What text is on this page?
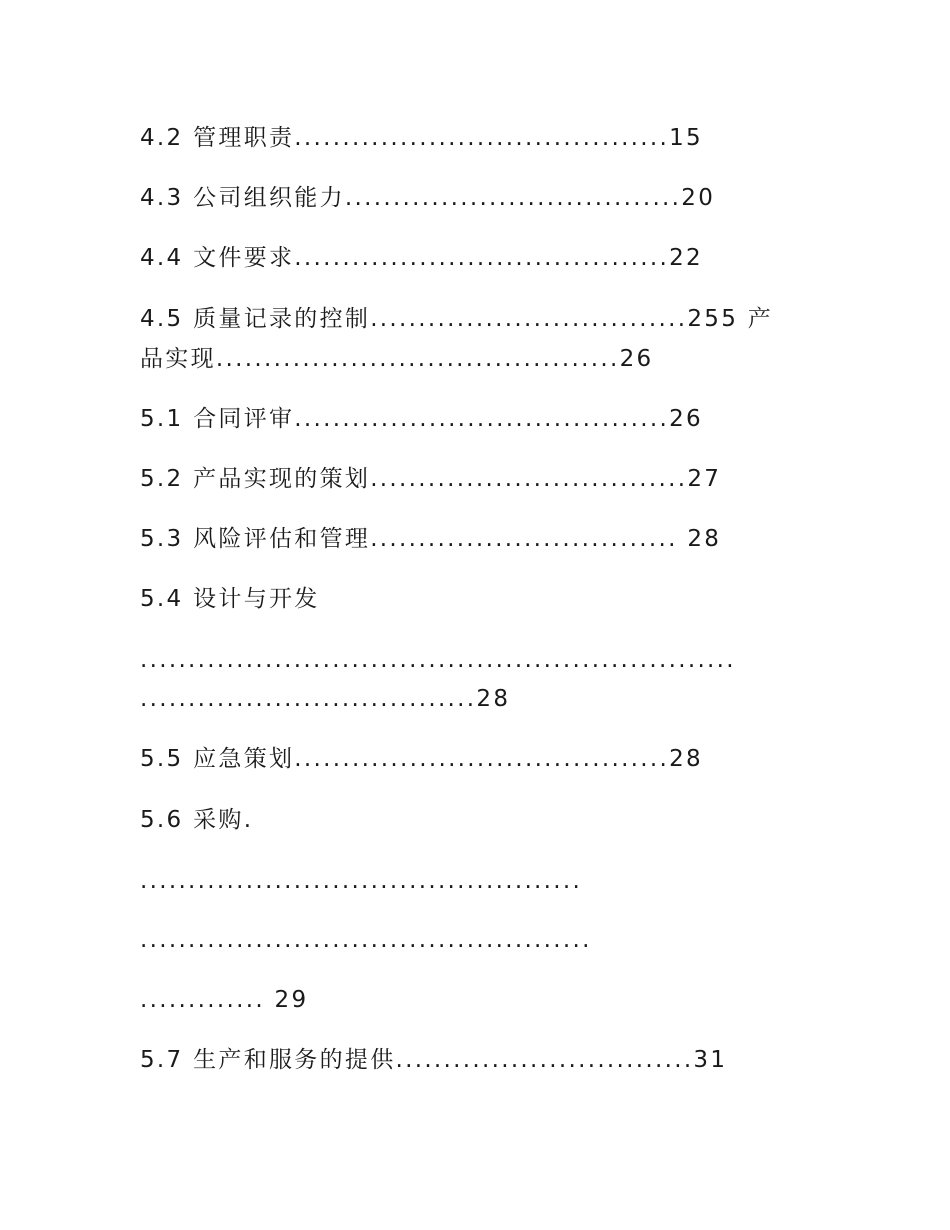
4.2 管理职责.......................................15
4.3 公司组织能力...................................20
4.4 文件要求.......................................22
4.5 质量记录的控制.................................255 产
品实现..........................................26
5.1 合同评审.......................................26
5.2 产品实现的策划.................................27
5.3 风险评估和管理................................ 28
5.4 设计与开发
..............................................................
...................................28
5.5 应急策划.......................................28
5.6 采购.
..............................................
...............................................
............. 29
5.7 生产和服务的提供...............................31
